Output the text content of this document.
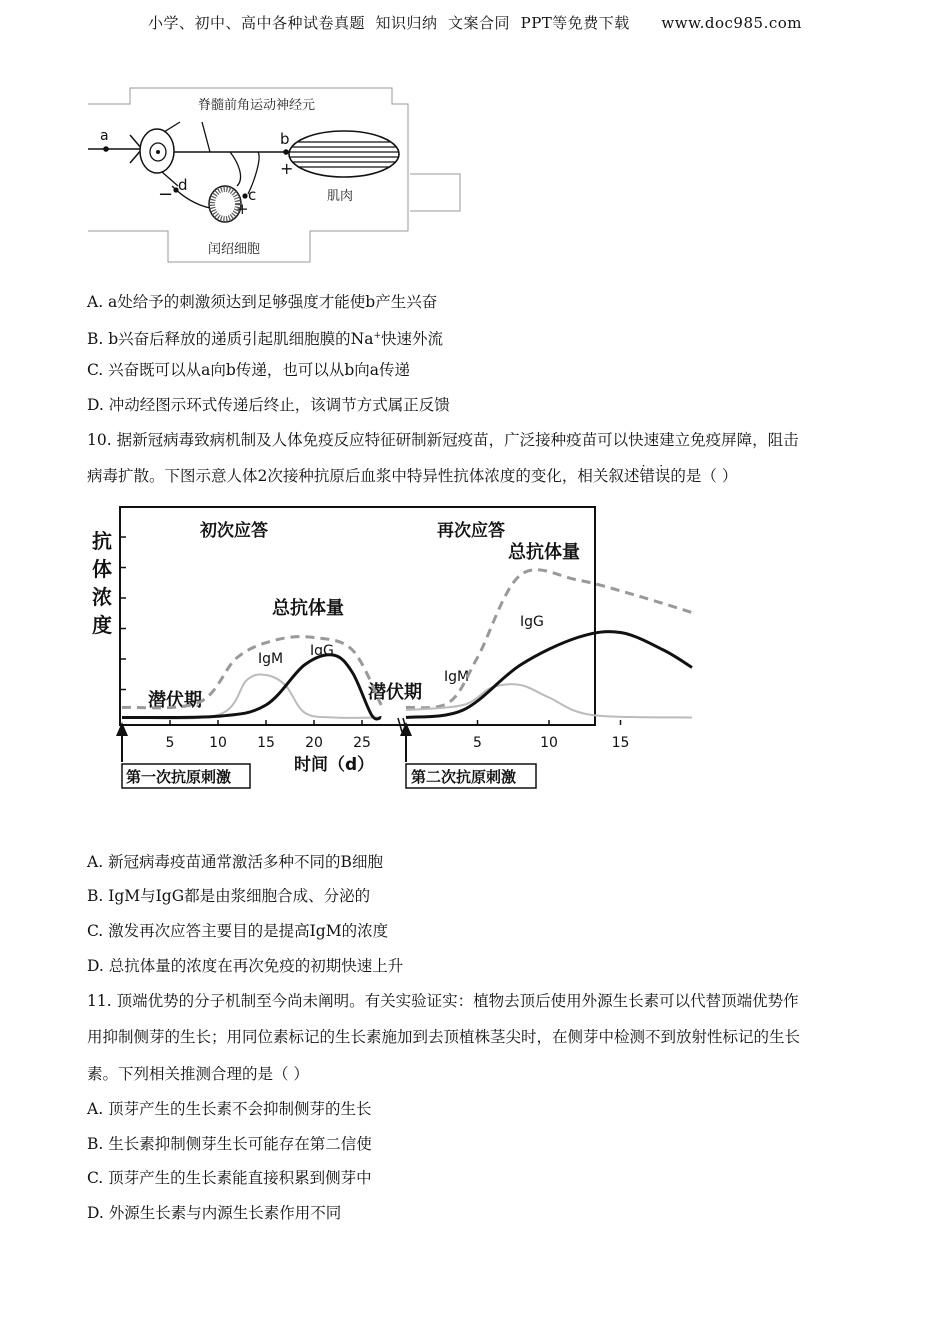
小学、初中、高中各种试卷真题  知识归纳  文案合同  PPT等免费下载      www.doc985.com
脊髓前角运动神经元
a	b
+
肌肉
d
−	c
+
闰绍细胞
A. a处给予的刺激须达到足够强度才能使b产生兴奋
B. b兴奋后释放的递质引起肌细胞膜的Na+快速外流
C. 兴奋既可以从a向b传递，也可以从b向a传递
D. 冲动经图示环式传递后终止，该调节方式属正反馈
10. 据新冠病毒致病机制及人体免疫反应特征研制新冠疫苗，广泛接种疫苗可以快速建立免疫屏障，阻击
病毒扩散。下图示意人体2次接种抗原后血浆中特异性抗体浓度的变化，相关叙述错误 · ·的是（ ）
抗
体
浓
度
初次应答	再次应答
总抗体量
总抗体量
潜伏期	潜伏期
IgM IgG
IgM
IgG
5 10 15 20 25	5	10	15
时间（d）
第一次抗原刺激	第二次抗原刺激
A. 新冠病毒疫苗通常激活多种不同的B细胞
B. IgM与IgG都是由浆细胞合成、分泌的
C. 激发再次应答主要目的是提高IgM的浓度
D. 总抗体量的浓度在再次免疫的初期快速上升
11. 顶端优势的分子机制至今尚未阐明。有关实验证实：植物去顶后使用外源生长素可以代替顶端优势作
用抑制侧芽的生长；用同位素标记的生长素施加到去顶植株茎尖时，在侧芽中检测不到放射性标记的生长
素。下列相关推测合理的是（ ）
A. 顶芽产生的生长素不会抑制侧芽的生长
B. 生长素抑制侧芽生长可能存在第二信使
C. 顶芽产生的生长素能直接积累到侧芽中
D. 外源生长素与内源生长素作用不同
